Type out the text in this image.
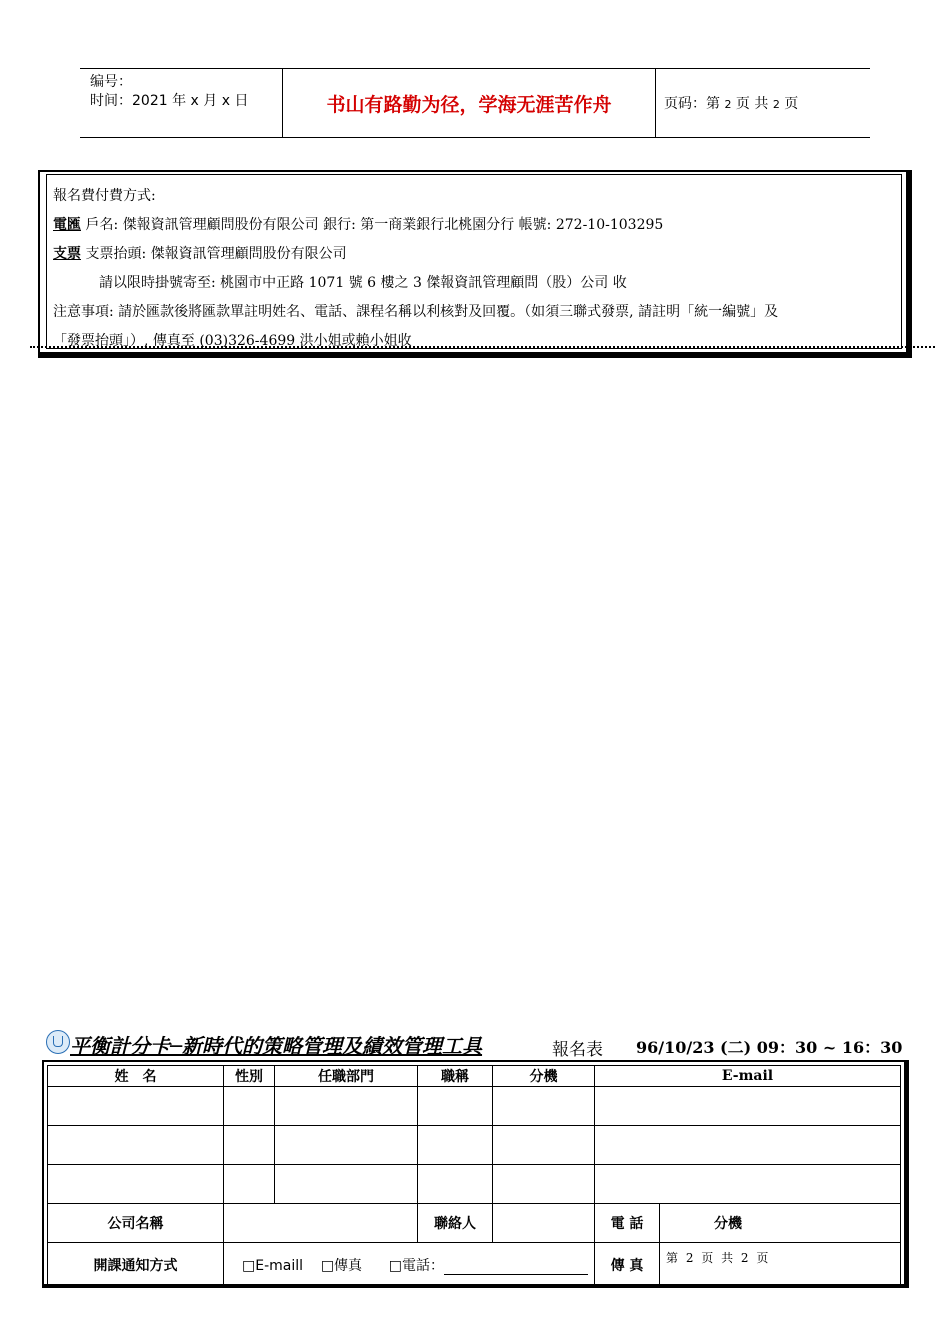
编号：
时间：2021 年 x 月 x 日	书山有路勤为径，学海无涯苦作舟	页码：第 2 页 共 2 页
報名費付費方式:
電匯 戶名: 傑報資訊管理顧問股份有限公司 銀行: 第一商業銀行北桃園分行 帳號: 272-10-103295
支票 支票抬頭: 傑報資訊管理顧問股份有限公司
請以限時掛號寄至: 桃園市中正路 1071 號 6 樓之 3 傑報資訊管理顧問（股）公司 收
注意事項: 請於匯款後將匯款單註明姓名、電話、課程名稱以利核對及回覆。（如須三聯式發票, 請註明「統一編號」及
「發票抬頭」）, 傳真至 (03)326-4699 洪小姐或賴小姐收
平衡計分卡─新時代的策略管理及績效管理工具	報名表 96/10/23 (二) 09：30 ~ 16：30
姓　名	性別	任職部門	職稱	分機	E-mail	

公司名稱			聯絡人		電 話	分機
開課通知方式	□E-maill □傳真 □電話：				傳 真	第 2 页 共 2 页
